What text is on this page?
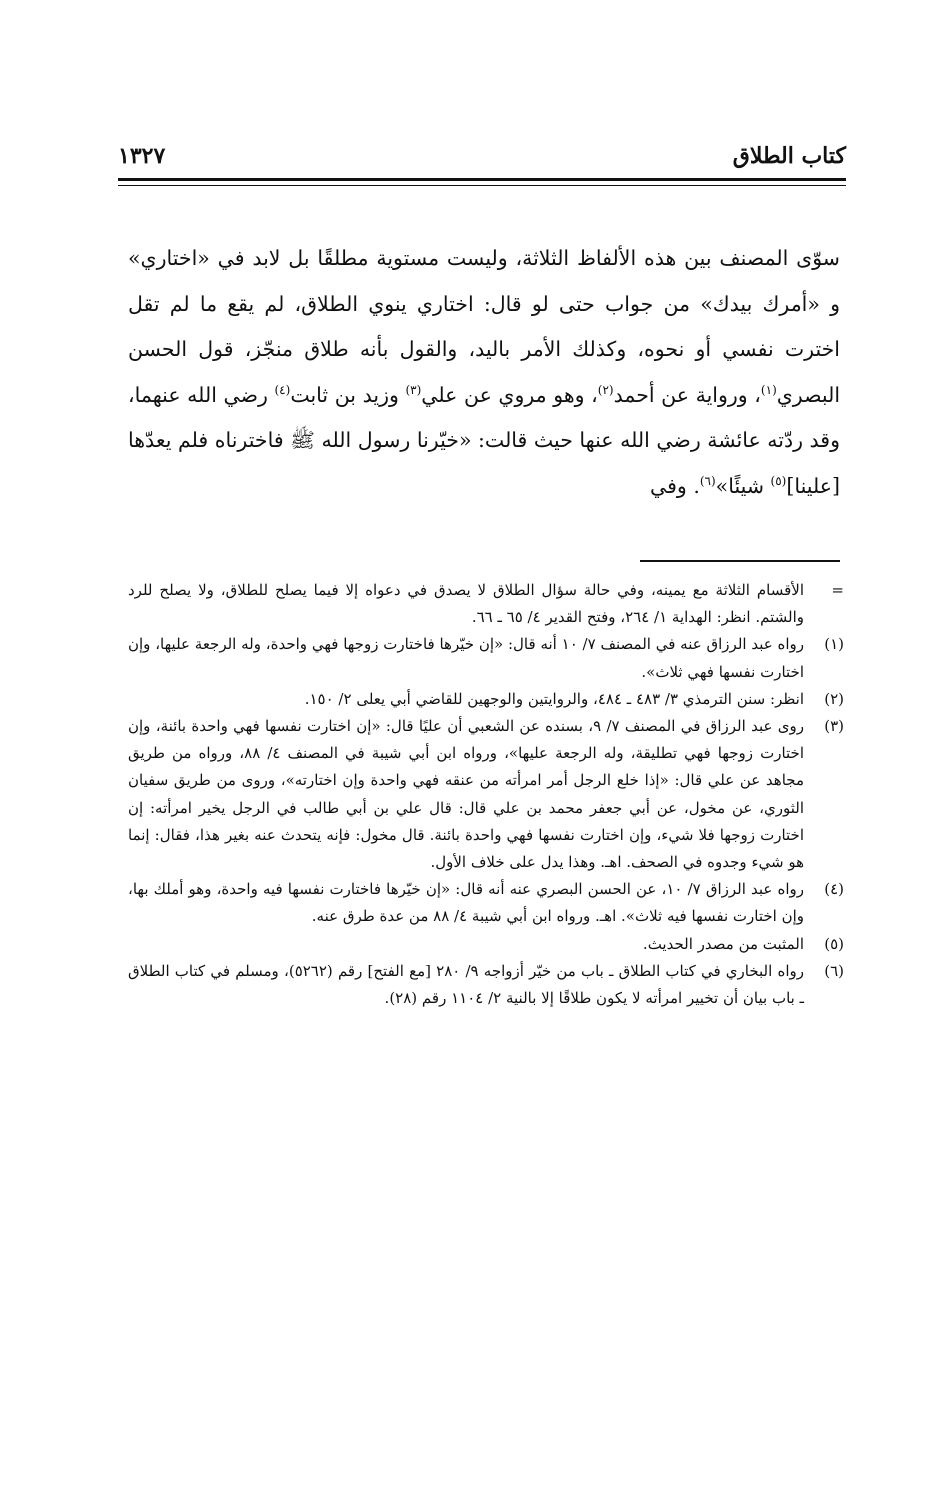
كتاب الطلاق
١٣٢٧

سوّى المصنف بين هذه الألفاظ الثلاثة، وليست مستوية مطلقًا بل لابد في «اختاري» و «أمرك بيدك» من جواب حتى لو قال: اختاري ينوي الطلاق، لم يقع ما لم تقل اخترت نفسي أو نحوه، وكذلك الأمر باليد، والقول بأنه طلاق منجّز، قول الحسن البصري$^{(١)}$، ورواية عن أحمد$^{(٢)}$، وهو مروي عن علي$^{(٣)}$ وزيد بن ثابت$^{(٤)}$ رضي الله عنهما، وقد ردّته عائشة رضي الله عنها حيث قالت: «خيّرنا رسول الله ﷺ فاخترناه فلم يعدّها [علينا]$^{(٥)}$ شيئًا»$^{(٦)}$. وفي

=
الأقسام الثلاثة مع يمينه، وفي حالة سؤال الطلاق لا يصدق في دعواه إلا فيما يصلح للطلاق، ولا يصلح للرد والشتم. انظر: الهداية ١/ ٢٦٤، وفتح القدير ٤/ ٦٥ ـ ٦٦.
(١)
رواه عبد الرزاق عنه في المصنف ٧/ ١٠ أنه قال: «إن خيّرها فاختارت زوجها فهي واحدة، وله الرجعة عليها، وإن اختارت نفسها فهي ثلاث».
(٢)
انظر: سنن الترمذي ٣/ ٤٨٣ ـ ٤٨٤، والروايتين والوجهين للقاضي أبي يعلى ٢/ ١٥٠.
(٣)
روى عبد الرزاق في المصنف ٧/ ٩، بسنده عن الشعبي أن عليًا قال: «إن اختارت نفسها فهي واحدة بائنة، وإن اختارت زوجها فهي تطليقة، وله الرجعة عليها»، ورواه ابن أبي شيبة في المصنف ٤/ ٨٨، ورواه من طريق مجاهد عن علي قال: «إذا خلع الرجل أمر امرأته من عنقه فهي واحدة وإن اختارته»، وروى من طريق سفيان الثوري، عن مخول، عن أبي جعفر محمد بن علي قال: قال علي بن أبي طالب في الرجل يخير امرأته: إن اختارت زوجها فلا شيء، وإن اختارت نفسها فهي واحدة بائنة. قال مخول: فإنه يتحدث عنه بغير هذا، فقال: إنما هو شيء وجدوه في الصحف. اهـ. وهذا يدل على خلاف الأول.
(٤)
رواه عبد الرزاق ٧/ ١٠، عن الحسن البصري عنه أنه قال: «إن خيّرها فاختارت نفسها فيه واحدة، وهو أملك بها، وإن اختارت نفسها فيه ثلاث». اهـ. ورواه ابن أبي شيبة ٤/ ٨٨ من عدة طرق عنه.
(٥)
المثبت من مصدر الحديث.
(٦)
رواه البخاري في كتاب الطلاق ـ باب من خيّر أزواجه ٩/ ٢٨٠ [مع الفتح] رقم (٥٢٦٢)، ومسلم في كتاب الطلاق ـ باب بيان أن تخيير امرأته لا يكون طلاقًا إلا بالنية ٢/ ١١٠٤ رقم (٢٨).
